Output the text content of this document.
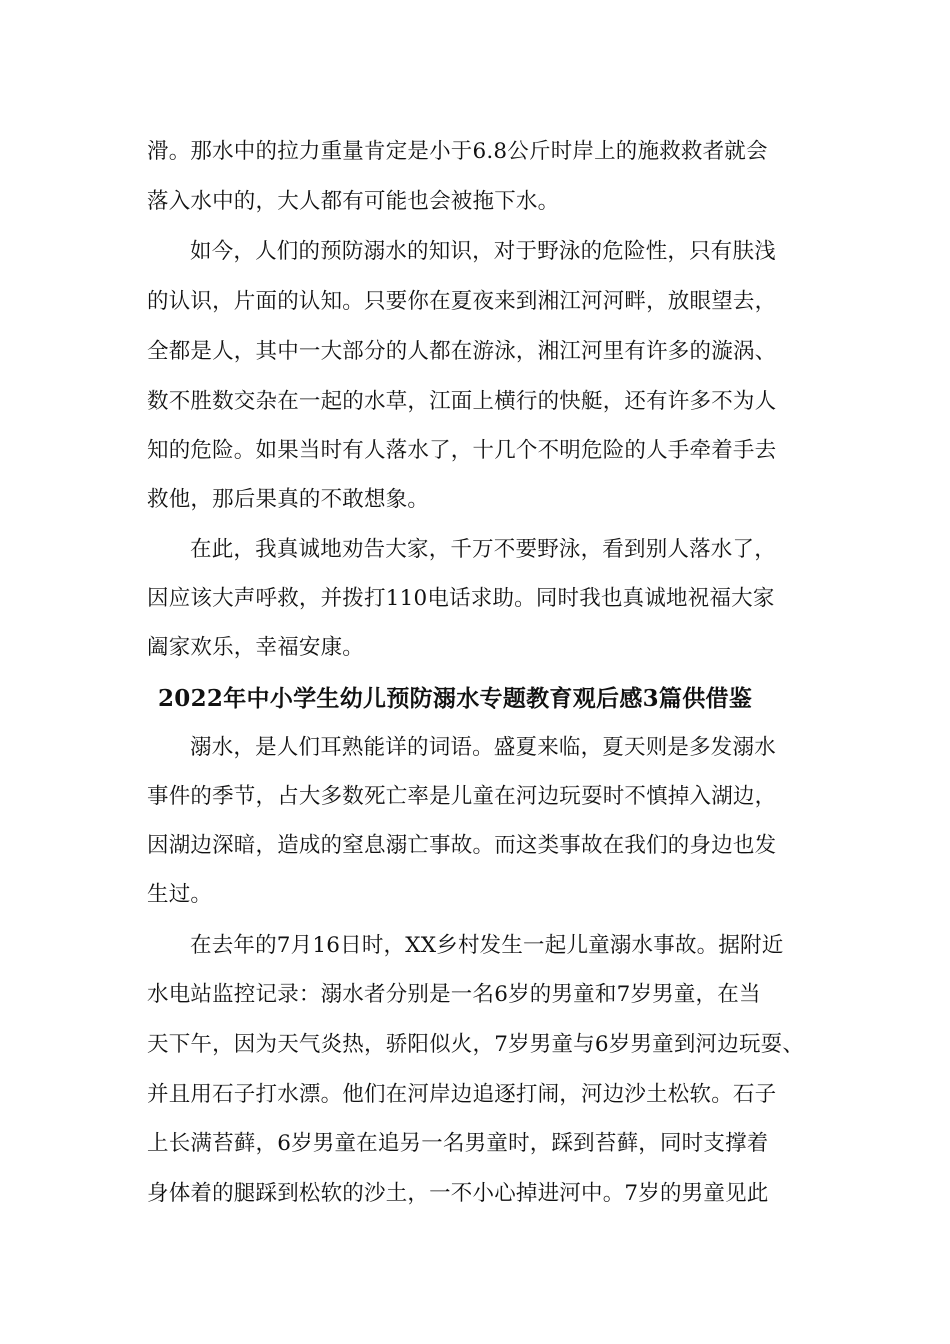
滑。那水中的拉力重量肯定是小于6.8公斤时岸上的施救救者就会
落入水中的，大人都有可能也会被拖下水。
如今，人们的预防溺水的知识，对于野泳的危险性，只有肤浅
的认识，片面的认知。只要你在夏夜来到湘江河河畔，放眼望去，
全都是人，其中一大部分的人都在游泳，湘江河里有许多的漩涡、
数不胜数交杂在一起的水草，江面上横行的快艇，还有许多不为人
知的危险。如果当时有人落水了，十几个不明危险的人手牵着手去
救他，那后果真的不敢想象。
在此，我真诚地劝告大家，千万不要野泳，看到别人落水了，
因应该大声呼救，并拨打110电话求助。同时我也真诚地祝福大家
阖家欢乐，幸福安康。
2022年中小学生幼儿预防溺水专题教育观后感3篇供借鉴
溺水，是人们耳熟能详的词语。盛夏来临，夏天则是多发溺水
事件的季节，占大多数死亡率是儿童在河边玩耍时不慎掉入湖边，
因湖边深暗，造成的窒息溺亡事故。而这类事故在我们的身边也发
生过。
在去年的7月16日时，XX乡村发生一起儿童溺水事故。据附近
水电站监控记录：溺水者分别是一名6岁的男童和7岁男童，在当
天下午，因为天气炎热，骄阳似火，7岁男童与6岁男童到河边玩耍、
并且用石子打水漂。他们在河岸边追逐打闹，河边沙土松软。石子
上长满苔藓，6岁男童在追另一名男童时，踩到苔藓，同时支撑着
身体着的腿踩到松软的沙土，一不小心掉进河中。7岁的男童见此
